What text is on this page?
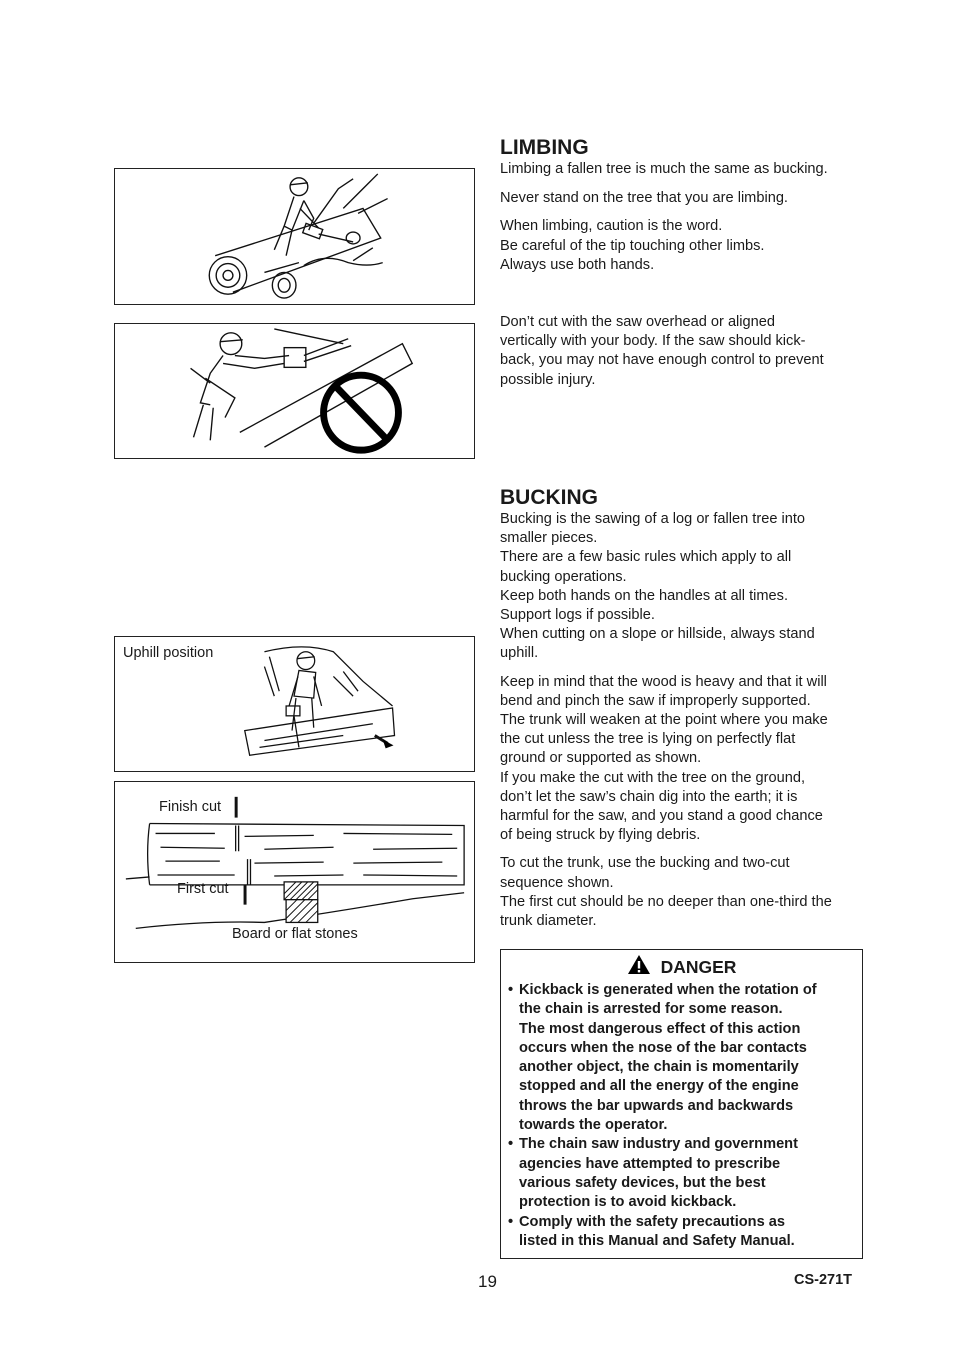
Uphill position
Finish cut
First cut
Board or flat stones
LIMBING

Limbing a fallen tree is much the same as bucking.

Never stand on the tree that you are limbing.

When limbing, caution is the word.
Be careful of the tip touching other limbs.
Always use both hands.

Don’t cut with the saw overhead or aligned
vertically with your body. If the saw should kick-
back, you may not have enough control to prevent
possible injury.

BUCKING

Bucking is the sawing of a log or fallen tree into
smaller pieces.
There are a few basic rules which apply to all
bucking operations.
Keep both hands on the handles at all times.
Support logs if possible.
When cutting on a slope or hillside, always stand
uphill.

Keep in mind that the wood is heavy and that it will
bend and pinch the saw if improperly supported.
The trunk will weaken at the point where you make
the cut unless the tree is lying on perfectly flat
ground or supported as shown.
If you make the cut with the tree on the ground,
don’t let the saw’s chain dig into the earth; it is
harmful for the saw, and you stand a good chance
of being struck by flying debris.

To cut the trunk, use the bucking and two-cut
sequence shown.
The first cut should be no deeper than one-third the
trunk diameter.

DANGER
• Kickback is generated when the rotation of
the chain is arrested for some reason.
The most dangerous effect of this action
occurs when the nose of the bar contacts
another object, the chain is momentarily
stopped and all the energy of the engine
throws the bar upwards and backwards
towards the operator.
• The chain saw industry and government
agencies have attempted to prescribe
various safety devices, but the best
protection is to avoid kickback.
• Comply with the safety precautions as
listed in this Manual and Safety Manual.
19	CS-271T
